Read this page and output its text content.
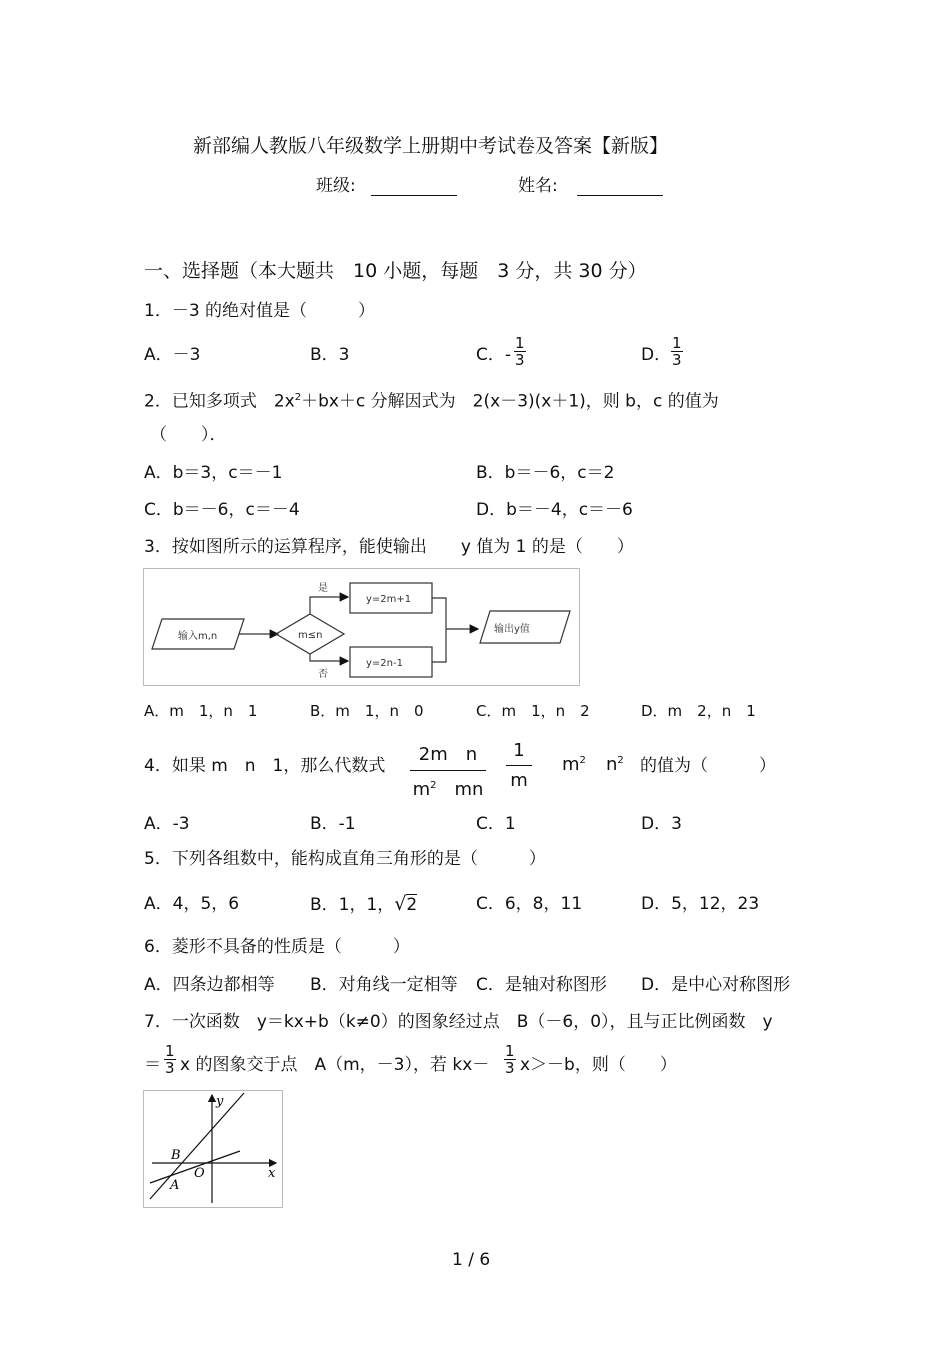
新部编人教版八年级数学上册期中考试卷及答案【新版】
班级:	姓名:
一、选择题（本大题共　10 小题，每题　3 分，共 30 分）
1．－3 的绝对值是（　　　）
A．－3	B．3	C．- $\frac{1}{3}$	D． $\frac{1}{3}$
2．已知多项式　$2x^2+bx+c$ 分解因式为　2(x－3)(x＋1)，则 b，c 的值为
（　　）．
A．b＝3，c＝－1	B．b＝－6，c＝2
C．b＝－6，c＝－4	D．b＝－4，c＝－6
3．按如图所示的运算程序，能使输出　　y 值为 1 的是（　　）
输入m,n	m≤n
是
否
y=2m+1
y=2n-1
输出y值
A．m　1，n　1	B．m　1，n　0	C．m　1，n　2	D．m　2，n　1
4．如果 m　n　1，那么代数式 $\frac{\text{2m　n}}{m^2 mn} \frac{1}{m} m^2$ $n^2$ 的值为（　　　）
A．-3	B．-1	C．1	D．3
5．下列各组数中，能构成直角三角形的是（　　　）
A．4，5，6	B．1，1，√2	C．6，8，11	D．5，12，23
6．菱形不具备的性质是（　　　）
A．四条边都相等 B．对角线一定相等 C．是轴对称图形 D．是中心对称图形
7．一次函数　y＝kx+b（k≠0）的图象经过点　B（－6，0），且与正比例函数　y
＝ $\frac{1}{3}$ x 的图象交于点　A（m，－3），若 $kx- \frac{1}{3} x>-b$，则（　　）
y
x
B
O
A
1 / 6
